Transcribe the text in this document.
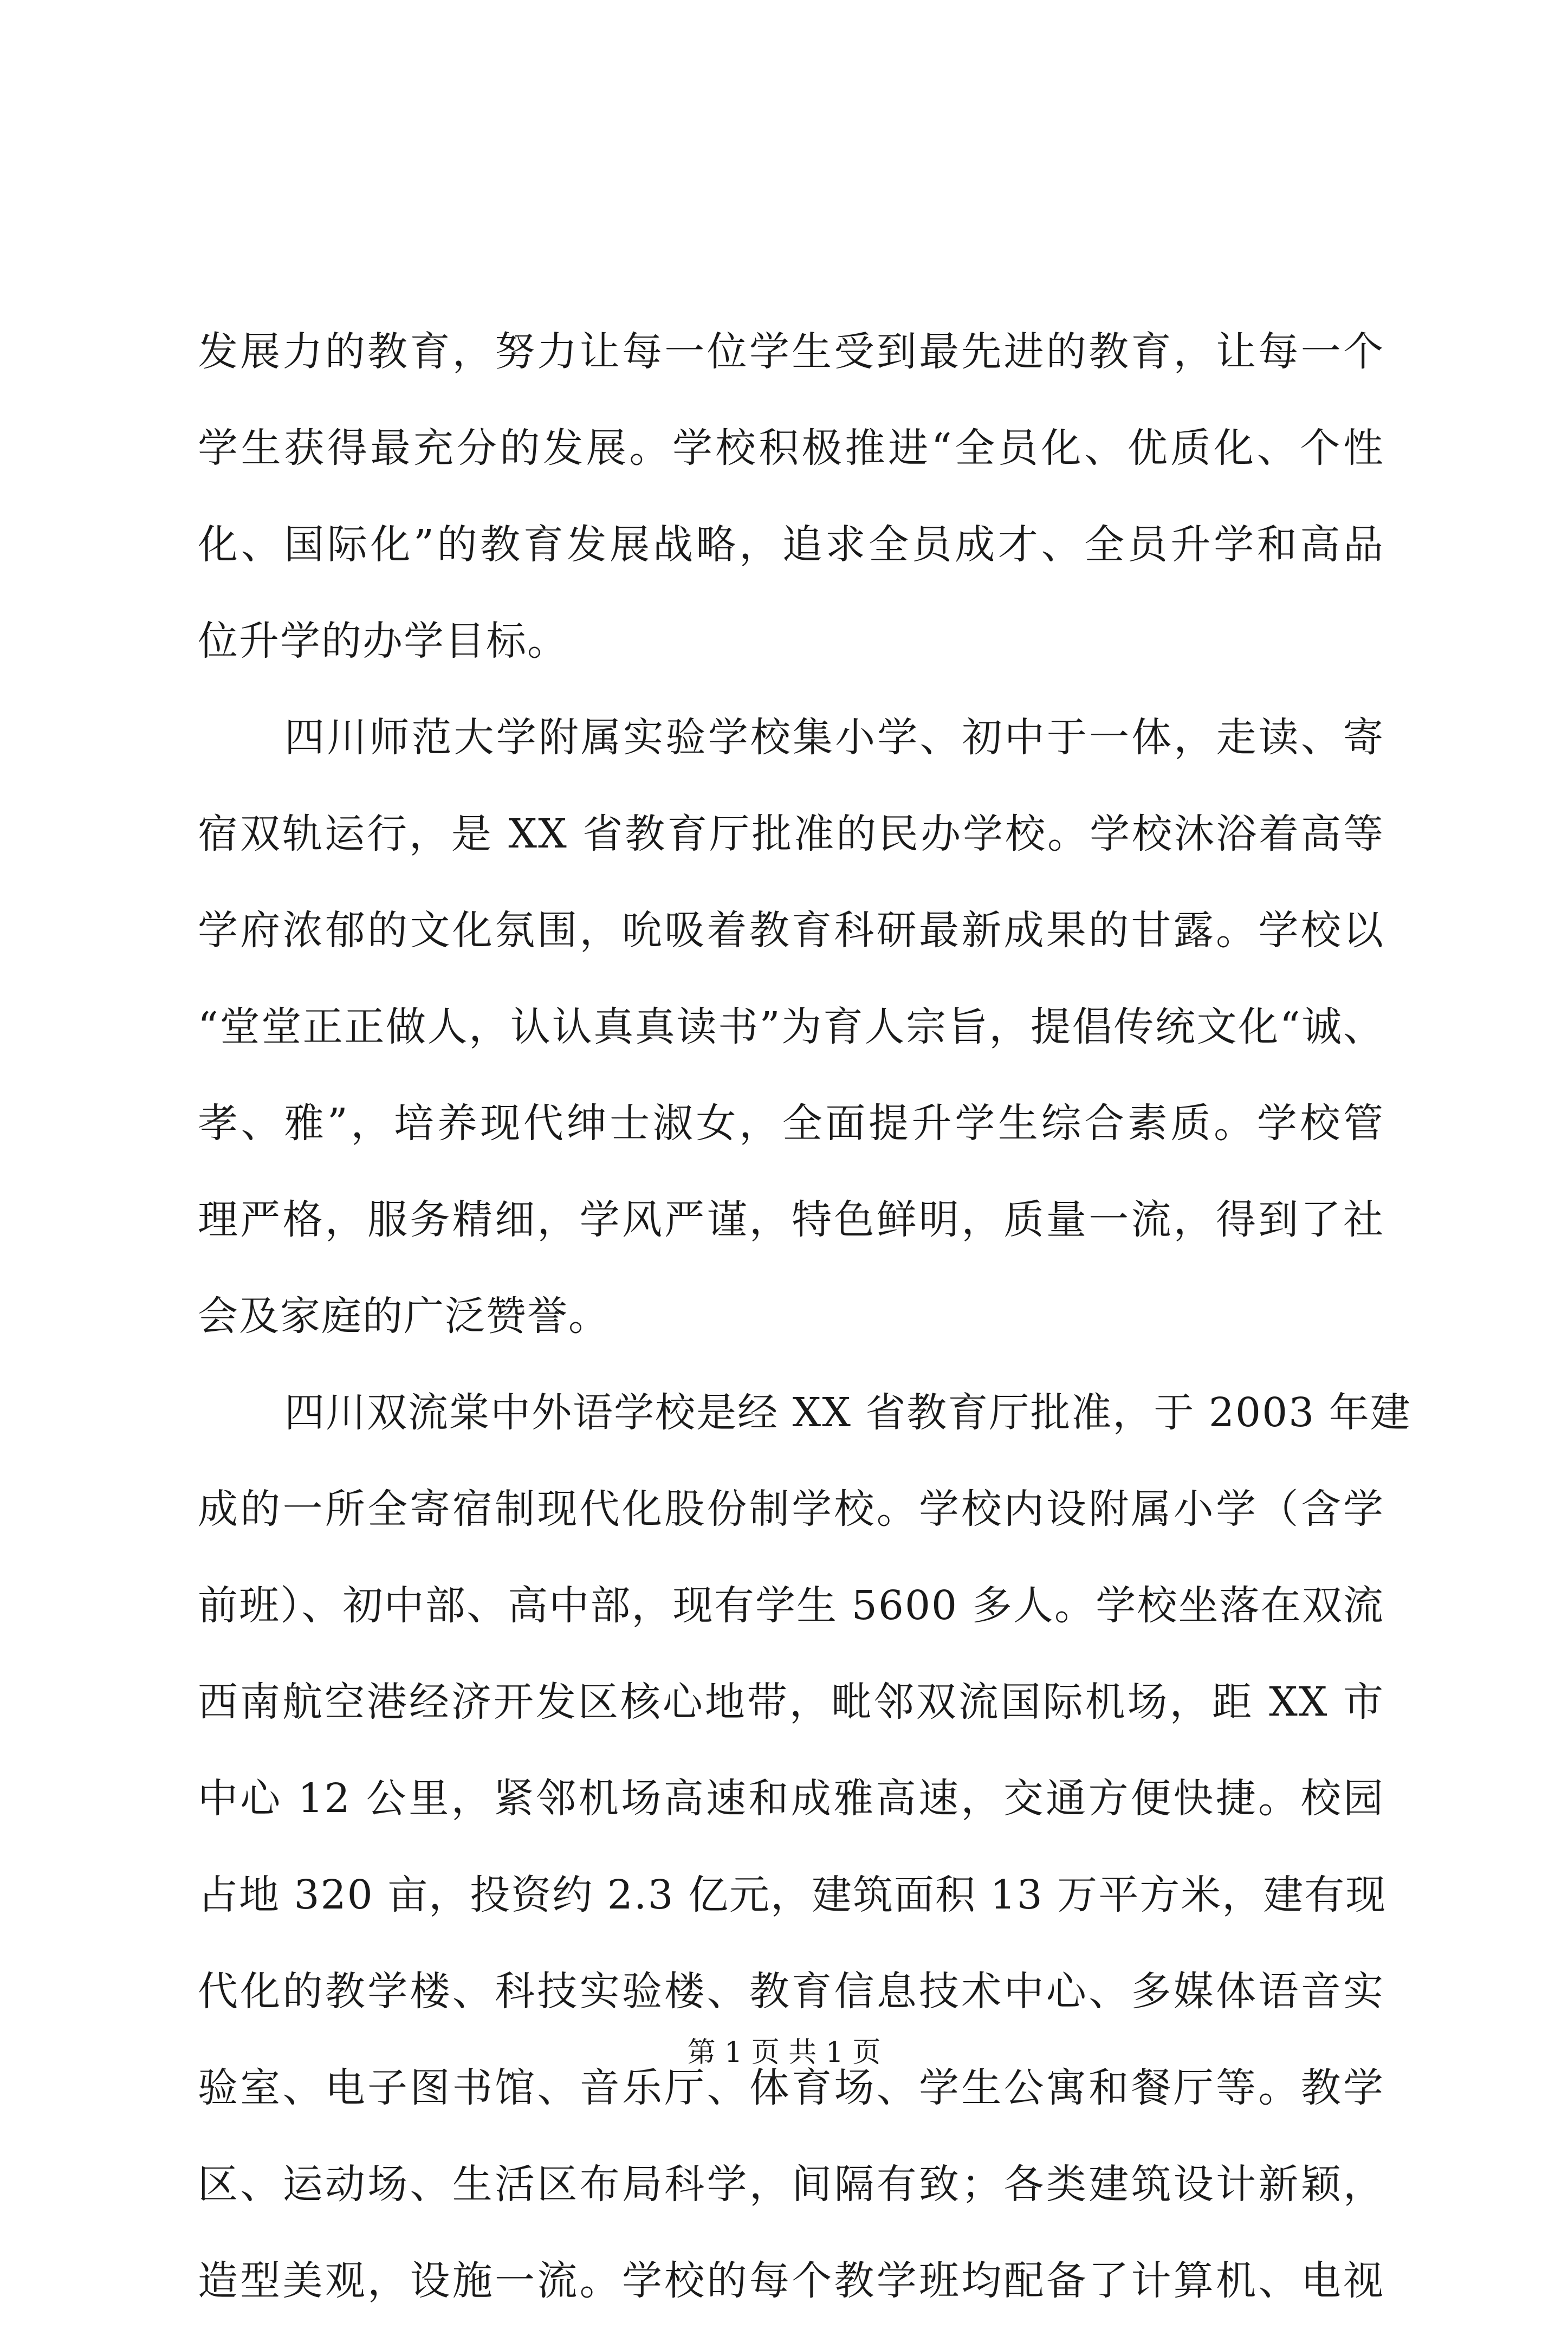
发展力的教育，努力让每一位学生受到最先进的教育，让每一个
学生获得最充分的发展。学校积极推进“全员化、优质化、个性
化、国际化”的教育发展战略，追求全员成才、全员升学和高品
位升学的办学目标。
四川师范大学附属实验学校集小学、初中于一体，走读、寄
宿双轨运行，是 XX 省教育厅批准的民办学校。学校沐浴着高等
学府浓郁的文化氛围，吮吸着教育科研最新成果的甘露。学校以
“堂堂正正做人，认认真真读书”为育人宗旨，提倡传统文化“诚、
孝、雅”，培养现代绅士淑女，全面提升学生综合素质。学校管
理严格，服务精细，学风严谨，特色鲜明，质量一流，得到了社
会及家庭的广泛赞誉。
四川双流棠中外语学校是经 XX 省教育厅批准，于 2003 年建
成的一所全寄宿制现代化股份制学校。学校内设附属小学（含学
前班）、初中部、高中部，现有学生 5600 多人。学校坐落在双流
西南航空港经济开发区核心地带，毗邻双流国际机场，距 XX 市
中心 12 公里，紧邻机场高速和成雅高速，交通方便快捷。校园
占地 320 亩，投资约 2.3 亿元，建筑面积 13 万平方米，建有现
代化的教学楼、科技实验楼、教育信息技术中心、多媒体语音实
验室、电子图书馆、音乐厅、体育场、学生公寓和餐厅等。教学
区、运动场、生活区布局科学，间隔有致；各类建筑设计新颖，
造型美观，设施一流。学校的每个教学班均配备了计算机、电视
第 1 页 共 1 页
